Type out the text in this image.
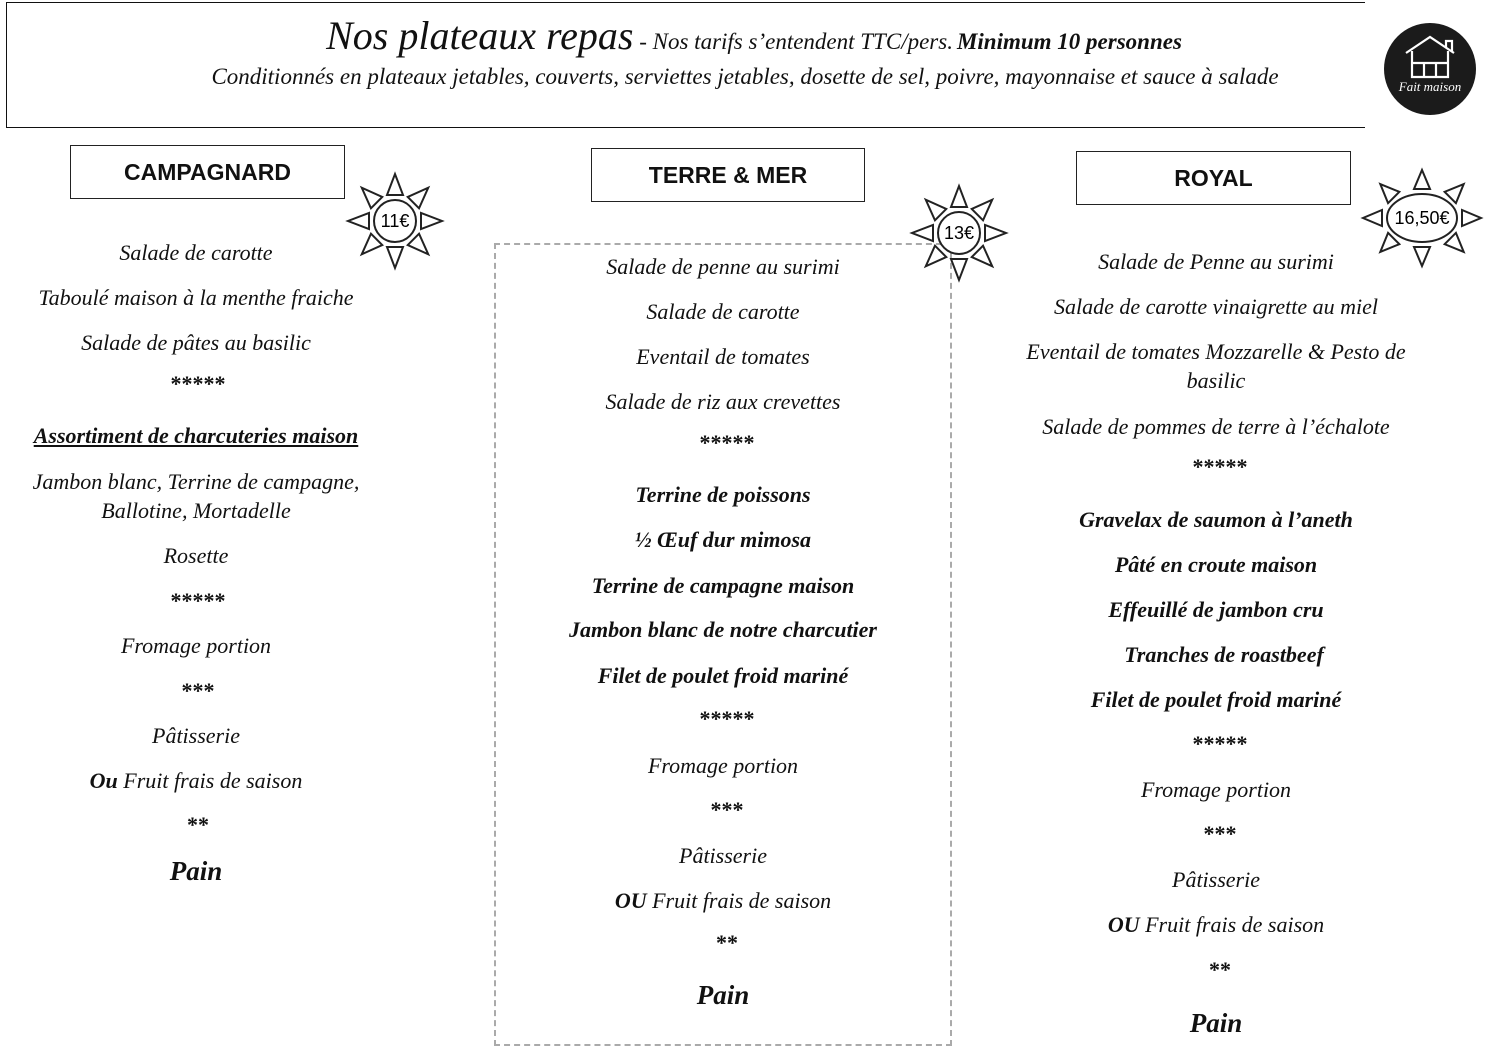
Nos plateaux repas - Nos tarifs s’entendent TTC/pers. Minimum 10 personnes
Conditionnés en plateaux jetables, couverts, serviettes jetables, dosette de sel, poivre, mayonnaise et sauce à salade	Fait maison
CAMPAGNARD	TERRE & MER	ROYAL
11€
13€
16,50€
Salade de carotte
Taboulé maison à la menthe fraiche
Salade de pâtes au basilic
*****
Assortiment de charcuteries maison
Jambon blanc, Terrine de campagne, Ballotine, Mortadelle
Rosette
*****
Fromage portion
***
Pâtisserie
Ou Fruit frais de saison
**
Pain
Salade de penne au surimi
Salade de carotte
Eventail de tomates
Salade de riz aux crevettes
*****
Terrine de poissons
½ Œuf dur mimosa
Terrine de campagne maison
Jambon blanc de notre charcutier
Filet de poulet froid mariné
*****
Fromage portion
***
Pâtisserie
OU Fruit frais de saison
**
Pain
Salade de Penne au surimi
Salade de carotte vinaigrette au miel
Eventail de tomates Mozzarelle & Pesto de basilic
Salade de pommes de terre à l’échalote
*****
Gravelax de saumon à l’aneth
Pâté en croute maison
Effeuillé de jambon cru
Tranches de roastbeef
Filet de poulet froid mariné
*****
Fromage portion
***
Pâtisserie
OU Fruit frais de saison
**
Pain
